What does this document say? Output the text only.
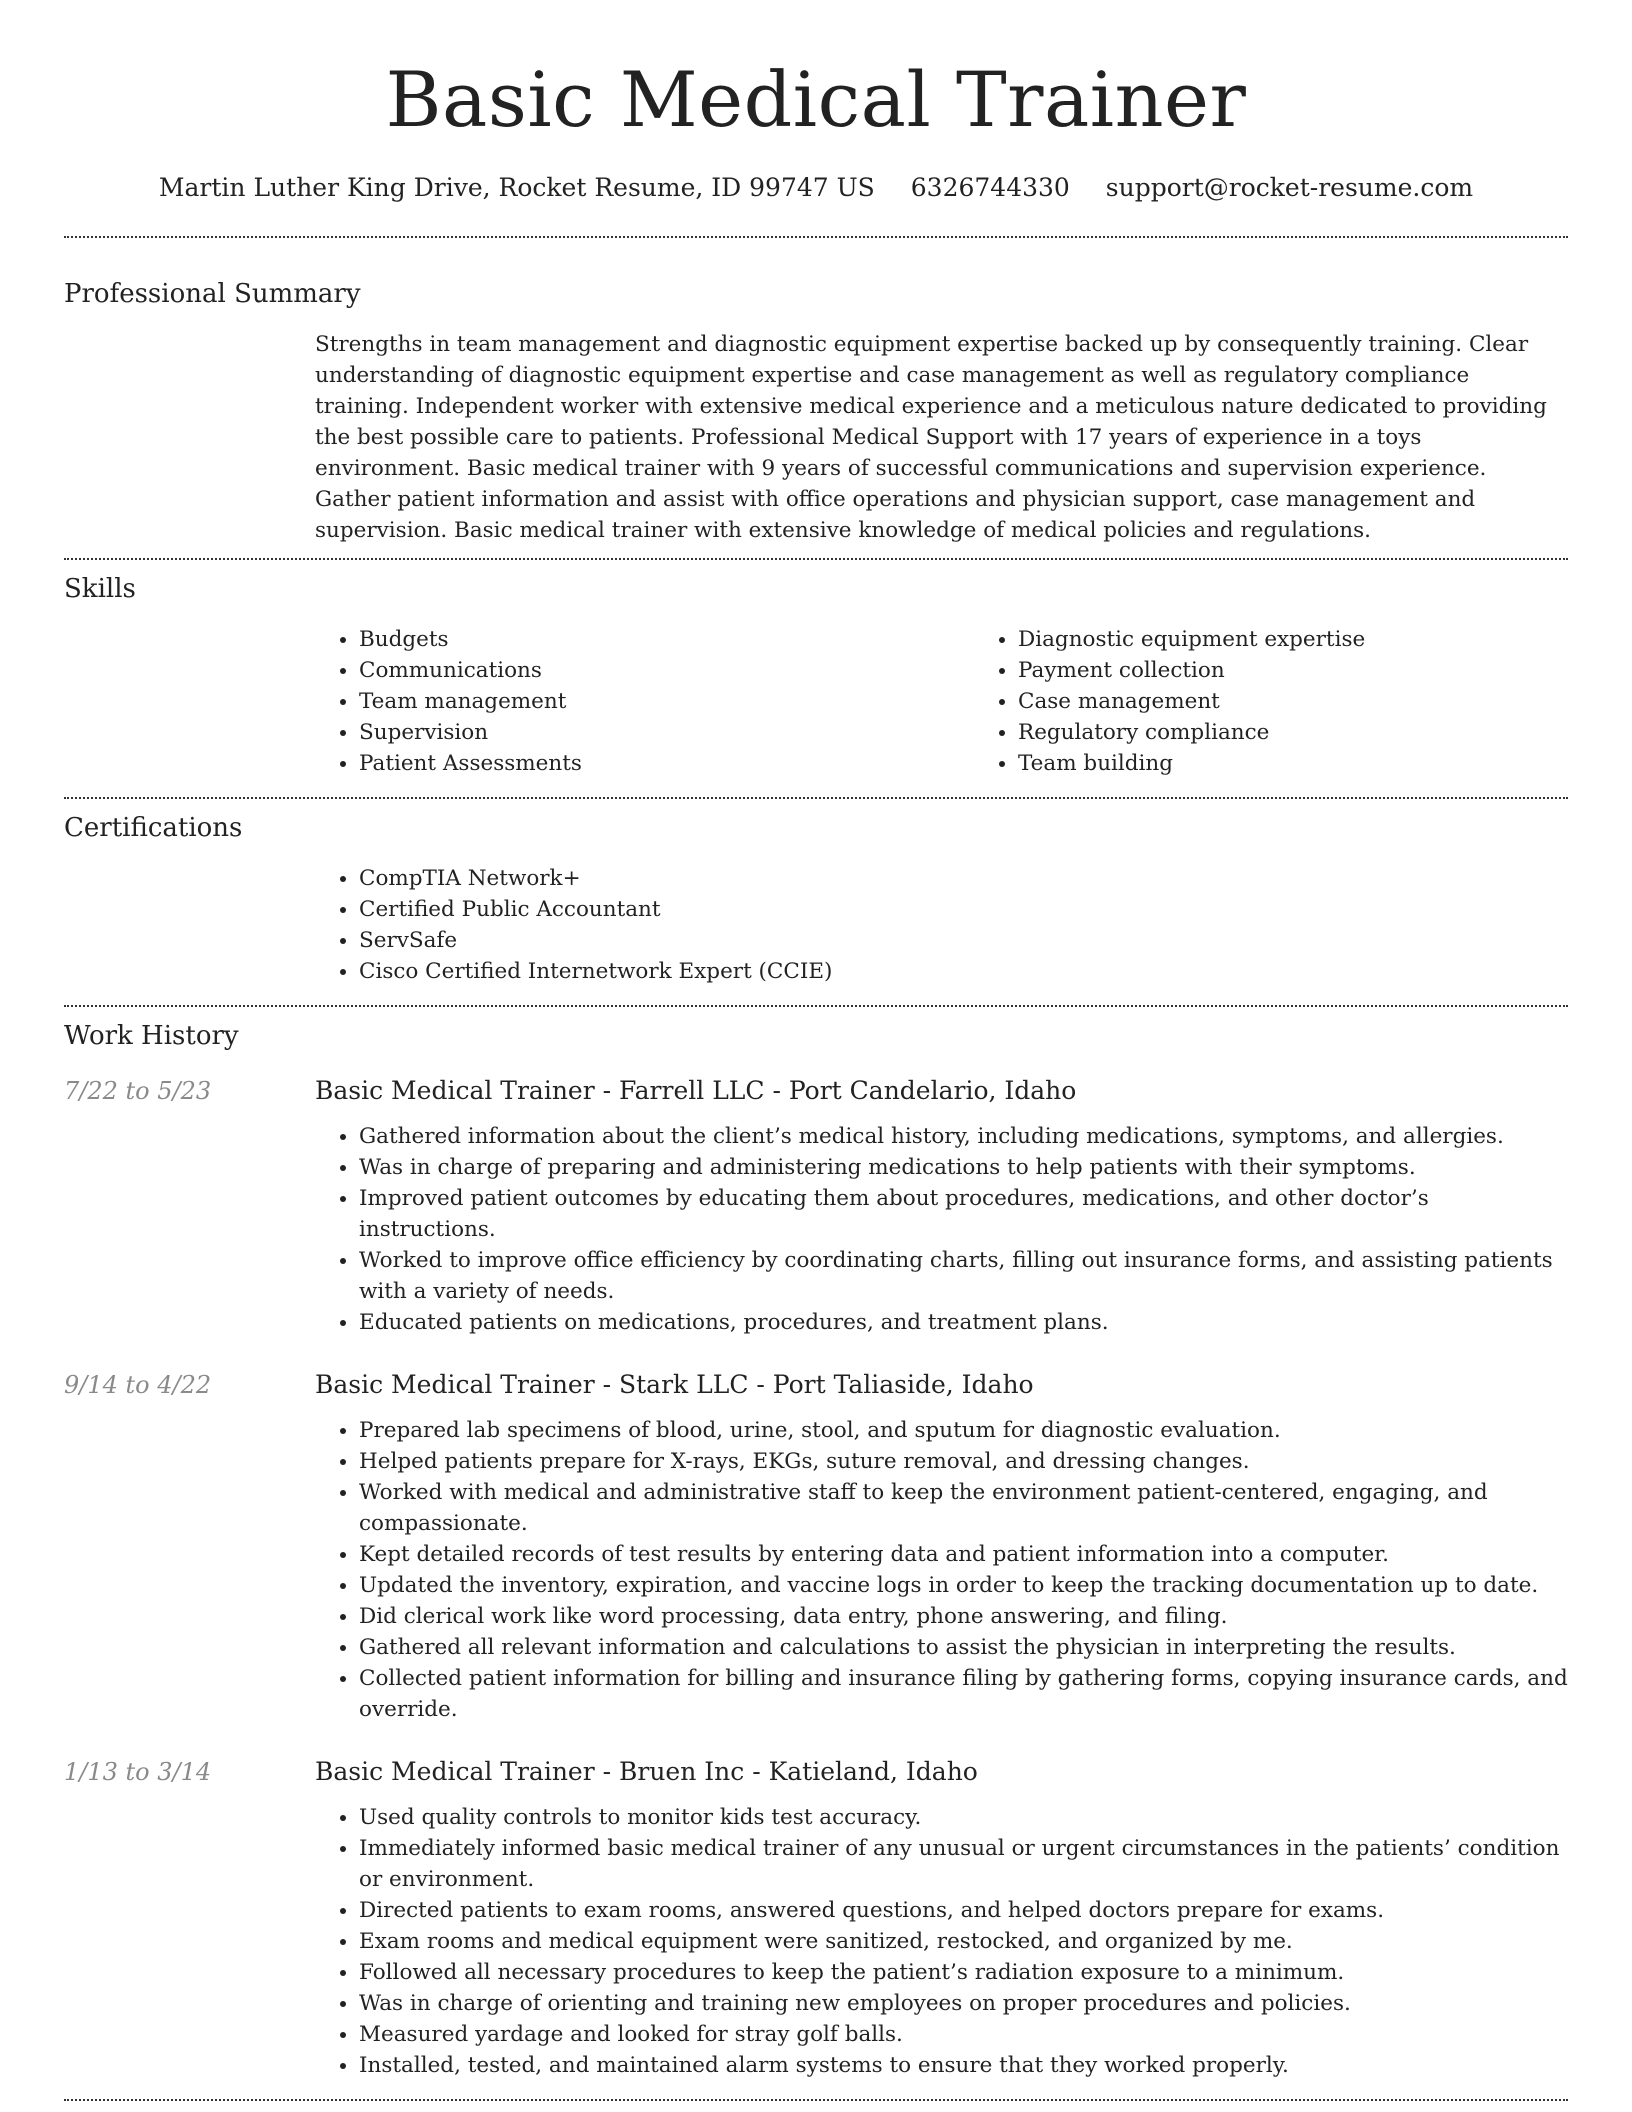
Basic Medical Trainer
Martin Luther King Drive, Rocket Resume, ID 99747 US 6326744330 support@rocket-resume.com
Professional Summary

Strengths in team management and diagnostic equipment expertise backed up by consequently training. Clear understanding of diagnostic equipment expertise and case management as well as regulatory compliance training. Independent worker with extensive medical experience and a meticulous nature dedicated to providing the best possible care to patients. Professional Medical Support with 17 years of experience in a toys environment. Basic medical trainer with 9 years of successful communications and supervision experience. Gather patient information and assist with office operations and physician support, case management and supervision. Basic medical trainer with extensive knowledge of medical policies and regulations.

Skills
• Budgets
• Communications
• Team management
• Supervision
• Patient Assessments
• Diagnostic equipment expertise
• Payment collection
• Case management
• Regulatory compliance
• Team building
Certifications
• CompTIA Network+
• Certified Public Accountant
• ServSafe
• Cisco Certified Internetwork Expert (CCIE)
Work History
7/22 to 5/23	Basic Medical Trainer - Farrell LLC - Port Candelario, Idaho
• Gathered information about the client’s medical history, including medications, symptoms, and allergies.
• Was in charge of preparing and administering medications to help patients with their symptoms.
• Improved patient outcomes by educating them about procedures, medications, and other doctor’s instructions.
• Worked to improve office efficiency by coordinating charts, filling out insurance forms, and assisting patients with a variety of needs.
• Educated patients on medications, procedures, and treatment plans.
9/14 to 4/22	Basic Medical Trainer - Stark LLC - Port Taliaside, Idaho
• Prepared lab specimens of blood, urine, stool, and sputum for diagnostic evaluation.
• Helped patients prepare for X-rays, EKGs, suture removal, and dressing changes.
• Worked with medical and administrative staff to keep the environment patient-centered, engaging, and compassionate.
• Kept detailed records of test results by entering data and patient information into a computer.
• Updated the inventory, expiration, and vaccine logs in order to keep the tracking documentation up to date.
• Did clerical work like word processing, data entry, phone answering, and filing.
• Gathered all relevant information and calculations to assist the physician in interpreting the results.
• Collected patient information for billing and insurance filing by gathering forms, copying insurance cards, and override.
1/13 to 3/14	Basic Medical Trainer - Bruen Inc - Katieland, Idaho
• Used quality controls to monitor kids test accuracy.
• Immediately informed basic medical trainer of any unusual or urgent circumstances in the patients’ condition or environment.
• Directed patients to exam rooms, answered questions, and helped doctors prepare for exams.
• Exam rooms and medical equipment were sanitized, restocked, and organized by me.
• Followed all necessary procedures to keep the patient’s radiation exposure to a minimum.
• Was in charge of orienting and training new employees on proper procedures and policies.
• Measured yardage and looked for stray golf balls.
• Installed, tested, and maintained alarm systems to ensure that they worked properly.
